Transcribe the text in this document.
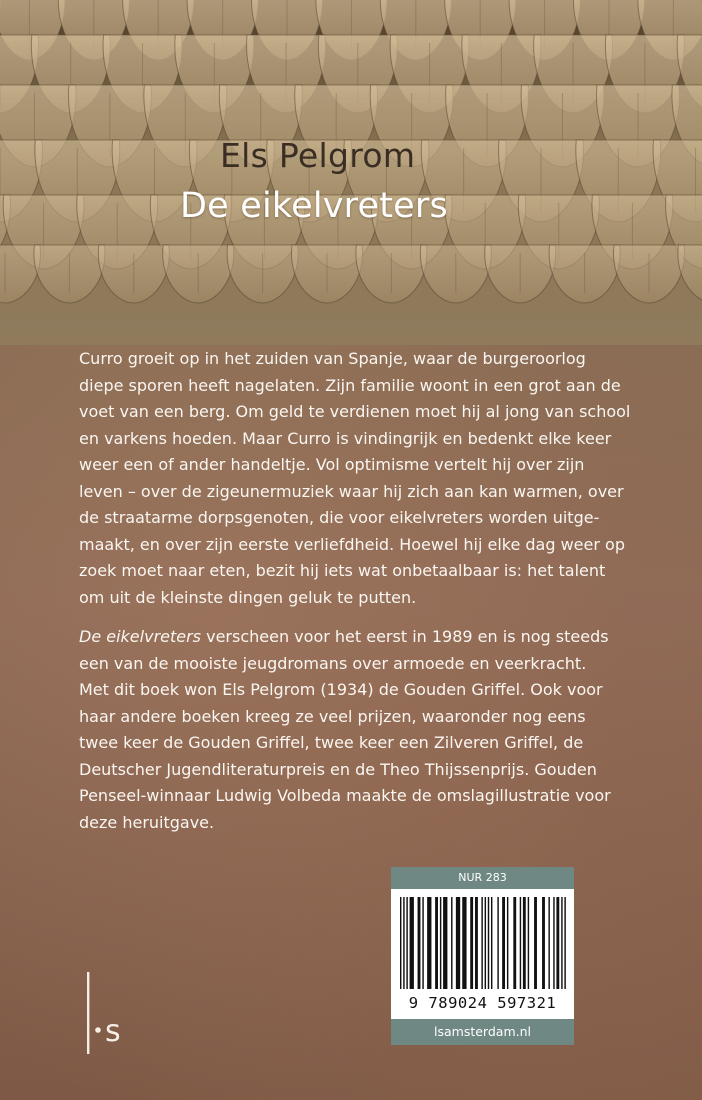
Els Pelgrom
De eikelvreters

Curro groeit op in het zuiden van Spanje, waar de burgeroorlog
diepe sporen heeft nagelaten. Zijn familie woont in een grot aan de
voet van een berg. Om geld te verdienen moet hij al jong van school
en varkens hoeden. Maar Curro is vindingrijk en bedenkt elke keer
weer een of ander handeltje. Vol optimisme vertelt hij over zijn
leven – over de zigeunermuziek waar hij zich aan kan warmen, over
de straatarme dorpsgenoten, die voor eikelvreters worden uitge-
maakt, en over zijn eerste verliefdheid. Hoewel hij elke dag weer op
zoek moet naar eten, bezit hij iets wat onbetaalbaar is: het talent
om uit de kleinste dingen geluk te putten.

De eikelvreters verscheen voor het eerst in 1989 en is nog steeds
een van de mooiste jeugdromans over armoede en veerkracht.
Met dit boek won Els Pelgrom (1934) de Gouden Griffel. Ook voor
haar andere boeken kreeg ze veel prijzen, waaronder nog eens
twee keer de Gouden Griffel, twee keer een Zilveren Griffel, de
Deutscher Jugendliteraturpreis en de Theo Thijssenprijs. Gouden
Penseel-winnaar Ludwig Volbeda maakte de omslagillustratie voor
deze heruitgave.

NUR 283
9 789024 597321
lsamsterdam.nl
s
